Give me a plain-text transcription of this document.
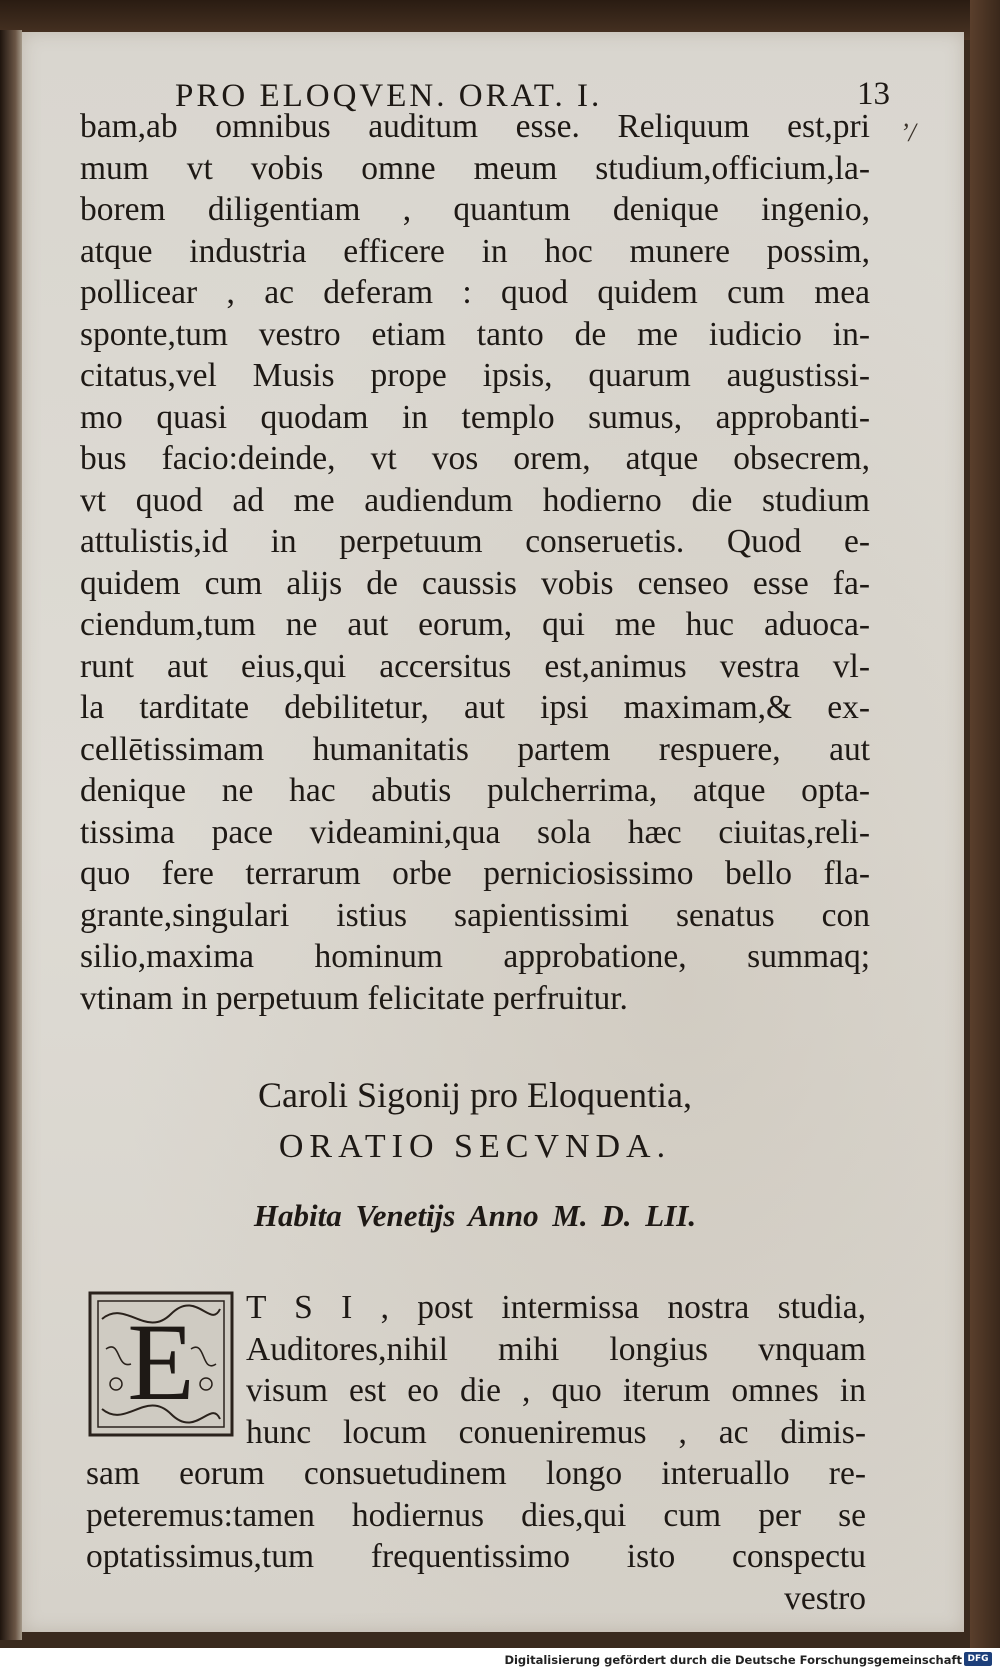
PRO ELOQVEN. ORAT. I.	13
’/
bam,ab omnibus auditum esse. Reliquum est,pri
mum vt vobis omne meum studium,officium,la-
borem diligentiam , quantum denique ingenio,
atque industria efficere in hoc munere possim,
pollicear , ac deferam : quod quidem cum mea
sponte,tum vestro etiam tanto de me iudicio in-
citatus,vel Musis prope ipsis, quarum augustissi-
mo quasi quodam in templo sumus, approbanti-
bus facio:deinde, vt vos orem, atque obsecrem,
vt quod ad me audiendum hodierno die studium
attulistis,id in perpetuum conseruetis. Quod e-
quidem cum alijs de caussis vobis censeo esse fa-
ciendum,tum ne aut eorum, qui me huc aduoca-
runt aut eius,qui accersitus est,animus vestra vl-
la tarditate debilitetur, aut ipsi maximam,& ex-
cellētissimam humanitatis partem respuere, aut
denique ne hac abutis pulcherrima, atque opta-
tissima pace videamini,qua sola hæc ciuitas,reli-
quo fere terrarum orbe perniciosissimo bello fla-
grante,singulari istius sapientissimi senatus con
silio,maxima hominum approbatione, summaq;
vtinam in perpetuum felicitate perfruitur.
Caroli Sigonij pro Eloquentia,
ORATIO SECVNDA.
Habita Venetijs Anno M. D. LII.
E T S I , post intermissa nostra studia,
Auditores,nihil mihi longius vnquam
visum est eo die , quo iterum omnes in
hunc locum conueniremus , ac dimis-
sam eorum consuetudinem longo interuallo re-
peteremus:tamen hodiernus dies,qui cum per se
optatissimus,tum frequentissimo isto conspectu
vestro
Digitalisierung gefördert durch die Deutsche Forschungsgemeinschaft DFG
